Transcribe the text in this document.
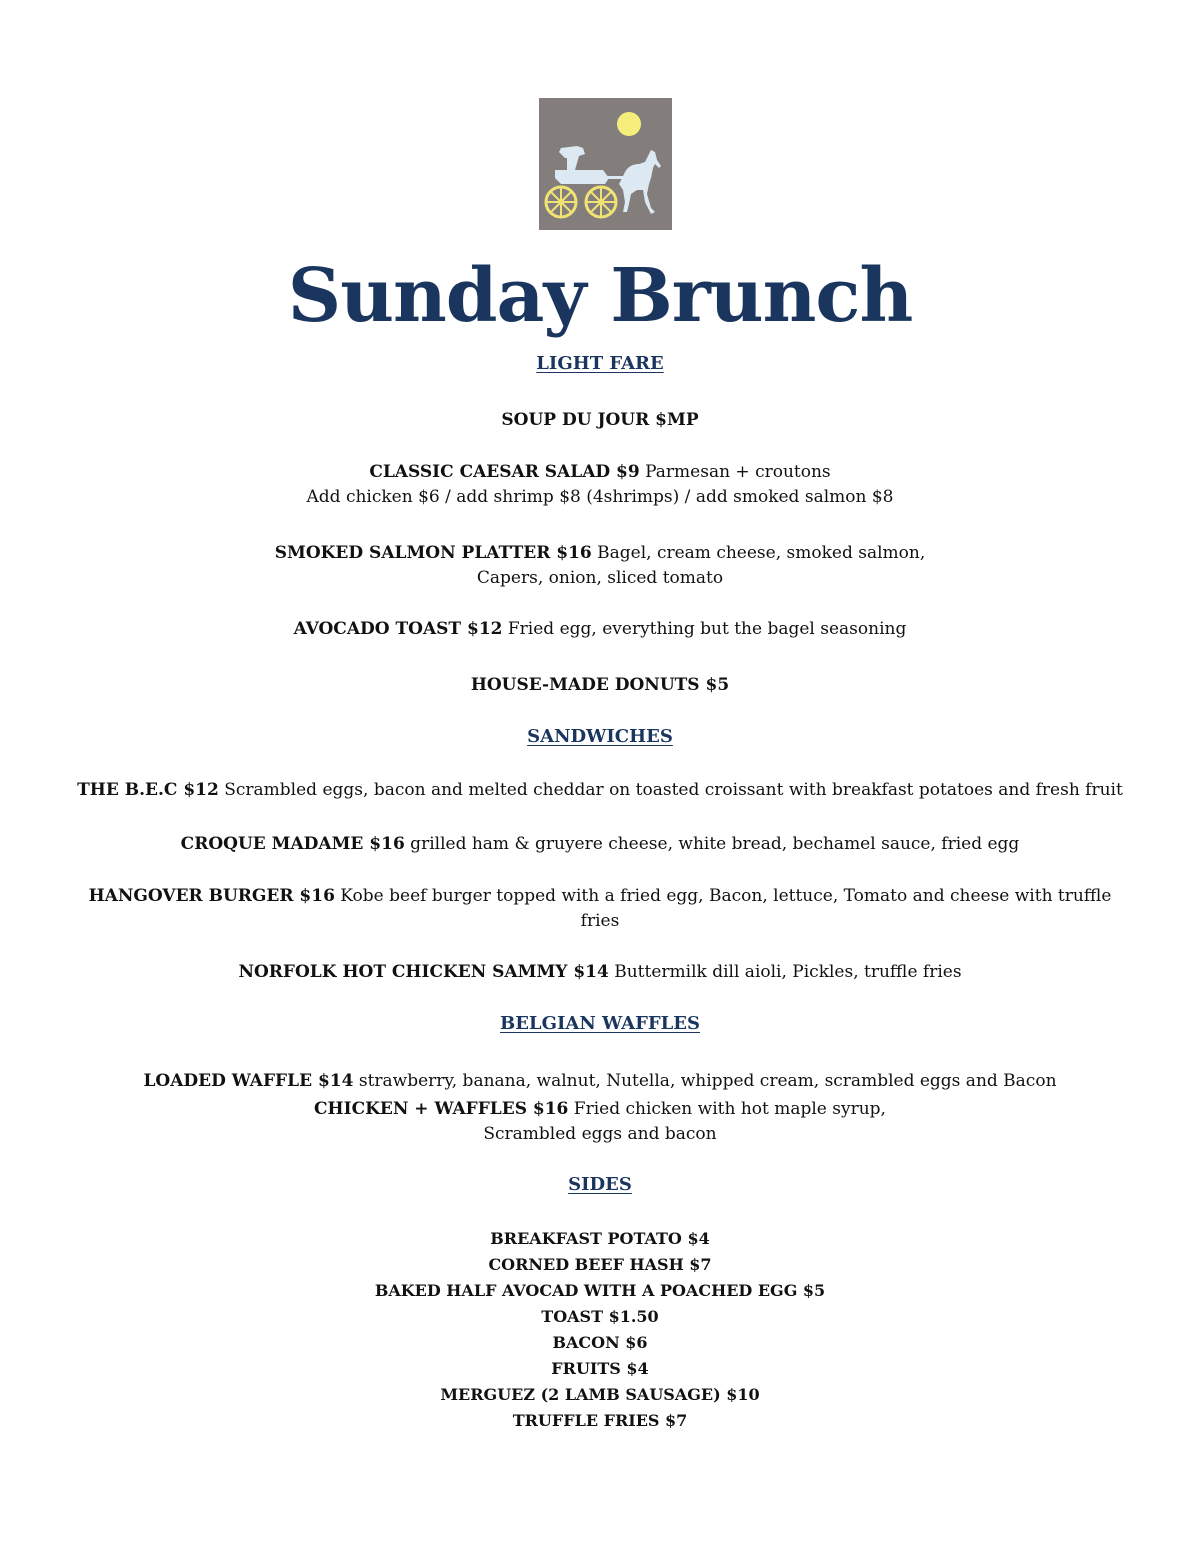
Sunday Brunch
LIGHT FARE
SOUP DU JOUR $MP
CLASSIC CAESAR SALAD $9 Parmesan + croutons
Add chicken $6 / add shrimp $8 (4shrimps) / add smoked salmon $8
SMOKED SALMON PLATTER $16 Bagel, cream cheese, smoked salmon,
Capers, onion, sliced tomato
AVOCADO TOAST $12 Fried egg, everything but the bagel seasoning
HOUSE-MADE DONUTS $5
SANDWICHES
THE B.E.C $12 Scrambled eggs, bacon and melted cheddar on toasted croissant with breakfast potatoes and fresh fruit
CROQUE MADAME $16 grilled ham & gruyere cheese, white bread, bechamel sauce, fried egg
HANGOVER BURGER $16 Kobe beef burger topped with a fried egg, Bacon, lettuce, Tomato and cheese with truffle
fries
NORFOLK HOT CHICKEN SAMMY $14 Buttermilk dill aioli, Pickles, truffle fries
BELGIAN WAFFLES
LOADED WAFFLE $14 strawberry, banana, walnut, Nutella, whipped cream, scrambled eggs and Bacon
CHICKEN + WAFFLES $16 Fried chicken with hot maple syrup,
Scrambled eggs and bacon
SIDES
BREAKFAST POTATO $4
CORNED BEEF HASH $7
BAKED HALF AVOCAD WITH A POACHED EGG $5
TOAST $1.50
BACON $6
FRUITS $4
MERGUEZ (2 LAMB SAUSAGE) $10
TRUFFLE FRIES $7
